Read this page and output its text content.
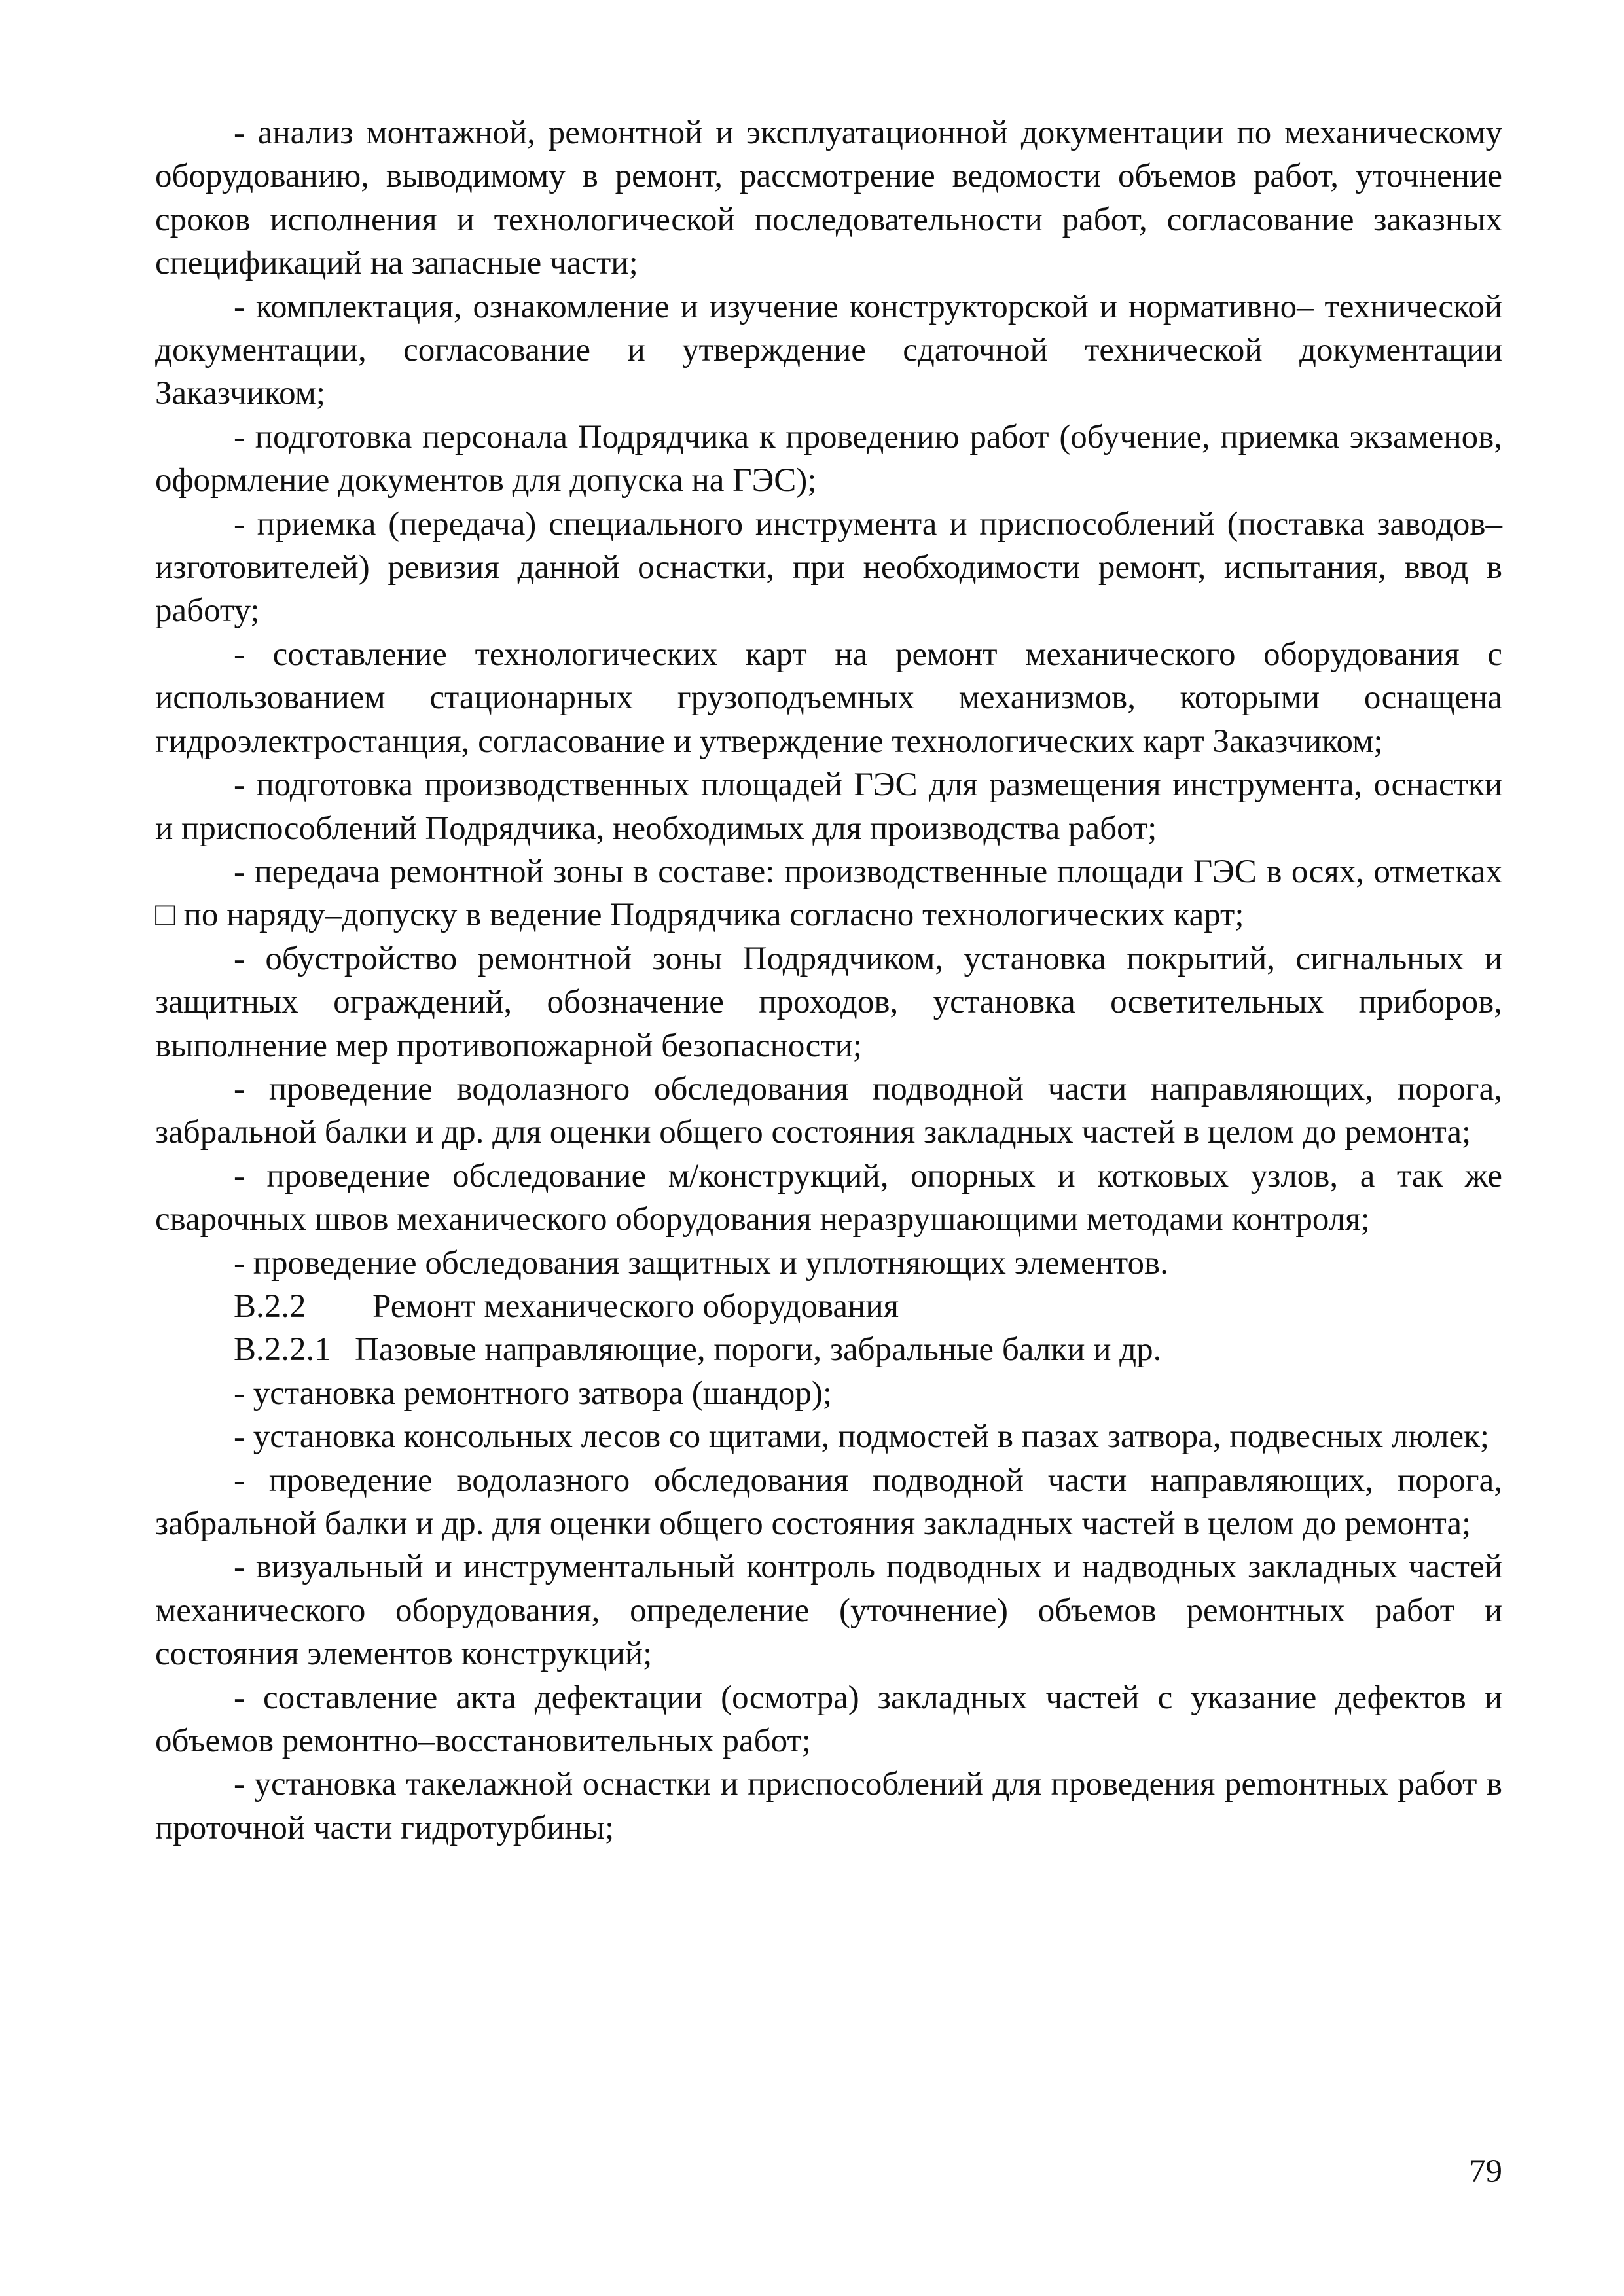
- анализ монтажной, ремонтной и эксплуатационной документации по механическому оборудованию, выводимому в ремонт, рассмотрение ведомости объемов работ, уточнение сроков исполнения и технологической последовательности работ, согласование заказных спецификаций на запасные части;

- комплектация, ознакомление и изучение конструкторской и нормативно– технической документации, согласование и утверждение сдаточной технической документации Заказчиком;

- подготовка персонала Подрядчика к проведению работ (обучение, приемка экзаменов, оформление документов для допуска на ГЭС);

- приемка (передача) специального инструмента и приспособлений (поставка заводов–изготовителей) ревизия данной оснастки, при необходимости ремонт, испытания, ввод в работу;

- составление технологических карт на ремонт механического оборудования с использованием стационарных грузоподъемных механизмов, которыми оснащена гидроэлектростанция, согласование и утверждение технологических карт Заказчиком;

- подготовка производственных площадей ГЭС для размещения инструмента, оснастки и приспособлений Подрядчика, необходимых для производства работ;

- передача ремонтной зоны в составе: производственные площади ГЭС в осях, отметках □ по наряду–допуску в ведение Подрядчика согласно технологических карт;

- обустройство ремонтной зоны Подрядчиком, установка покрытий, сигнальных и защитных ограждений, обозначение проходов, установка осветительных приборов, выполнение мер противопожарной безопасности;

- проведение водолазного обследования подводной части направляющих, порога, забральной балки и др. для оценки общего состояния закладных частей в целом до ремонта;

- проведение обследование м/конструкций, опорных и котковых узлов, а так же сварочных швов механического оборудования неразрушающими методами контроля;

- проведение обследования защитных и уплотняющих элементов.

В.2.2 Ремонт механического оборудования

В.2.2.1 Пазовые направляющие, пороги, забральные балки и др.

- установка ремонтного затвора (шандор);

- установка консольных лесов со щитами, подмостей в пазах затвора, подвесных люлек;

- проведение водолазного обследования подводной части направляющих, порога, забральной балки и др. для оценки общего состояния закладных частей в целом до ремонта;

- визуальный и инструментальный контроль подводных и надводных закладных частей механического оборудования, определение (уточнение) объемов ремонтных работ и состояния элементов конструкций;

- составление акта дефектации (осмотра) закладных частей с указание дефектов и объемов ремонтно–восстановительных работ;

- установка такелажной оснастки и приспособлений для проведения реmонтных работ в проточной части гидротурбины;

79
